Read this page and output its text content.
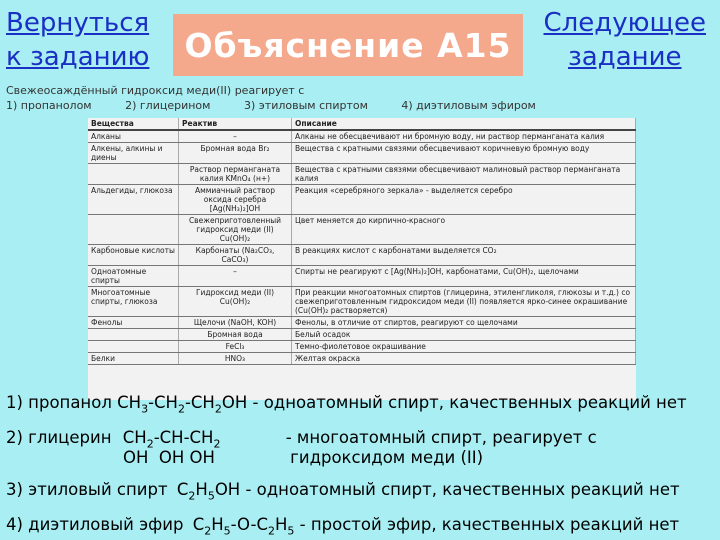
Вернуться
к заданию Объяснение А15
Следующее
задание
Свежеосаждённый гидроксид меди(II) реагирует с
1) пропанолом	2) глицерином	3) этиловым спиртом	4) диэтиловым эфиром
Вещества	Реактив	Описание
Алканы	–	Алканы не обесцвечивают ни бромную воду, ни раствор перманганата калия
Алкены, алкины и диены	Бромная вода Br₂	Вещества с кратными связями обесцвечивают коричневую бромную воду
	Раствор перманганата калия KMnO₄ (н+)	Вещества с кратными связями обесцвечивают малиновый раствор перманганата калия
Альдегиды, глюкоза	Аммиачный раствор оксида серебра [Ag(NH₃)₂]OH	Реакция «серебряного зеркала» - выделяется серебро
	Свежеприготовленный гидроксид меди (II) Cu(OH)₂	Цвет меняется до кирпично-красного
Карбоновые кислоты	Карбонаты (Na₂CO₃, CaCO₃)	В реакциях кислот с карбонатами выделяется CO₂
Одноатомные спирты	–	Спирты не реагируют с [Ag(NH₃)₂]OH, карбонатами, Cu(OH)₂, щелочами
Многоатомные спирты, глюкоза	Гидроксид меди (II) Cu(OH)₂	При реакции многоатомных спиртов (глицерина, этиленгликоля, глюкозы и т.д.) со свежеприготовленным гидроксидом меди (II) появляется ярко-синее окрашивание (Cu(OH)₂ растворяется)
Фенолы	Щелочи (NaOH, KOH)	Фенолы, в отличие от спиртов, реагируют со щелочами
	Бромная вода	Белый осадок
	FeCl₃	Темно-фиолетовое окрашивание
Белки	HNO₃	Желтая окраска
1) пропанол $CH_3-CH_2-CH_2OH$ - одноатомный спирт, качественных реакций нет
2) глицерин $CH_2-CH-CH_2$	- многоатомный спирт, реагирует с
OH  OH OH	гидроксидом меди (II)
3) этиловый спирт $C_2H_5OH$ - одноатомный спирт, качественных реакций нет
4) диэтиловый эфир $C_2H_5-O-C_2H_5$ - простой эфир, качественных реакций нет
